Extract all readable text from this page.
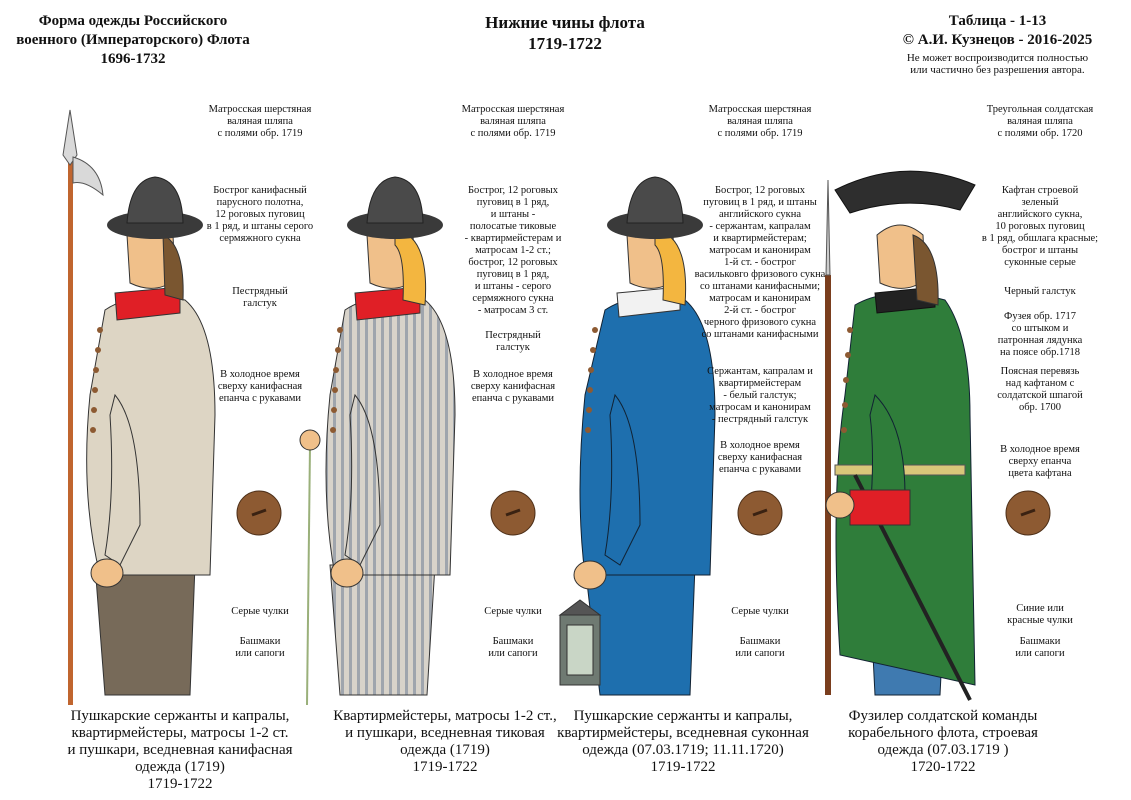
Форма одежды Российского
военного (Императорского) Флота
1696-1732
Нижние чины флота
1719-1722
Таблица - 1-13
© А.И. Кузнецов - 2016-2025
Не может воспроизводится полностью
или частично без разрешения автора.
Матросская шерстяная
валяная шляпа
с полями обр. 1719
Бострог канифасный
парусного полотна,
12 роговых пуговиц
в 1 ряд, и штаны серого
сермяжного сукна
Пестрядный
галстук
В холодное время
сверху канифасная
епанча с рукавами
Серые чулки
Башмаки
или сапоги
Матросская шерстяная
валяная шляпа
с полями обр. 1719
Бострог, 12 роговых
пуговиц в 1 ряд,
и штаны -
полосатые тиковые
- квартирмейстерам и
матросам 1-2 ст.;
бострог, 12 роговых
пуговиц в 1 ряд,
и штаны - серого
сермяжного сукна
- матросам 3 ст.
Пестрядный
галстук
В холодное время
сверху канифасная
епанча с рукавами
Серые чулки
Башмаки
или сапоги
Матросская шерстяная
валяная шляпа
с полями обр. 1719
Бострог, 12 роговых
пуговиц в 1 ряд, и штаны
английского сукна
- сержантам, капралам
и квартирмейстерам;
матросам и канонирам
1-й ст. - бострог
васильковго фризового сукна
со штанами канифасными;
матросам и канонирам
2-й ст. - бострог
черного фризового сукна
со штанами канифасными
Сержантам, капралам и
квартирмейстерам
- белый галстук;
матросам и канонирам
- пестрядный галстук
В холодное время
сверху канифасная
епанча с рукавами
Серые чулки
Башмаки
или сапоги
Треугольная солдатская
валяная шляпа
с полями обр. 1720
Кафтан строевой
зеленый
английского сукна,
10 роговых пуговиц
в 1 ряд, обшлага красные;
бострог и штаны
суконные серые
Черный галстук
Фузея обр. 1717
со штыком и
патронная лядунка
на поясе обр.1718
Поясная перевязь
над кафтаном с
солдатской шпагой
обр. 1700
В холодное время
сверху епанча
цвета кафтана
Синие или
красные чулки
Башмаки
или сапоги
Пушкарские сержанты и капралы,
квартирмейстеры, матросы 1-2 ст.
и пушкари, вседневная канифасная
одежда (1719)
1719-1722
Квартирмейстеры, матросы 1-2 ст.,
и пушкари, вседневная тиковая
одежда (1719)
1719-1722
Пушкарские сержанты и капралы,
квартирмейстеры, вседневная суконная
одежда (07.03.1719; 11.11.1720)
1719-1722
Фузилер солдатской команды
корабельного флота, строевая
одежда (07.03.1719 )
1720-1722
